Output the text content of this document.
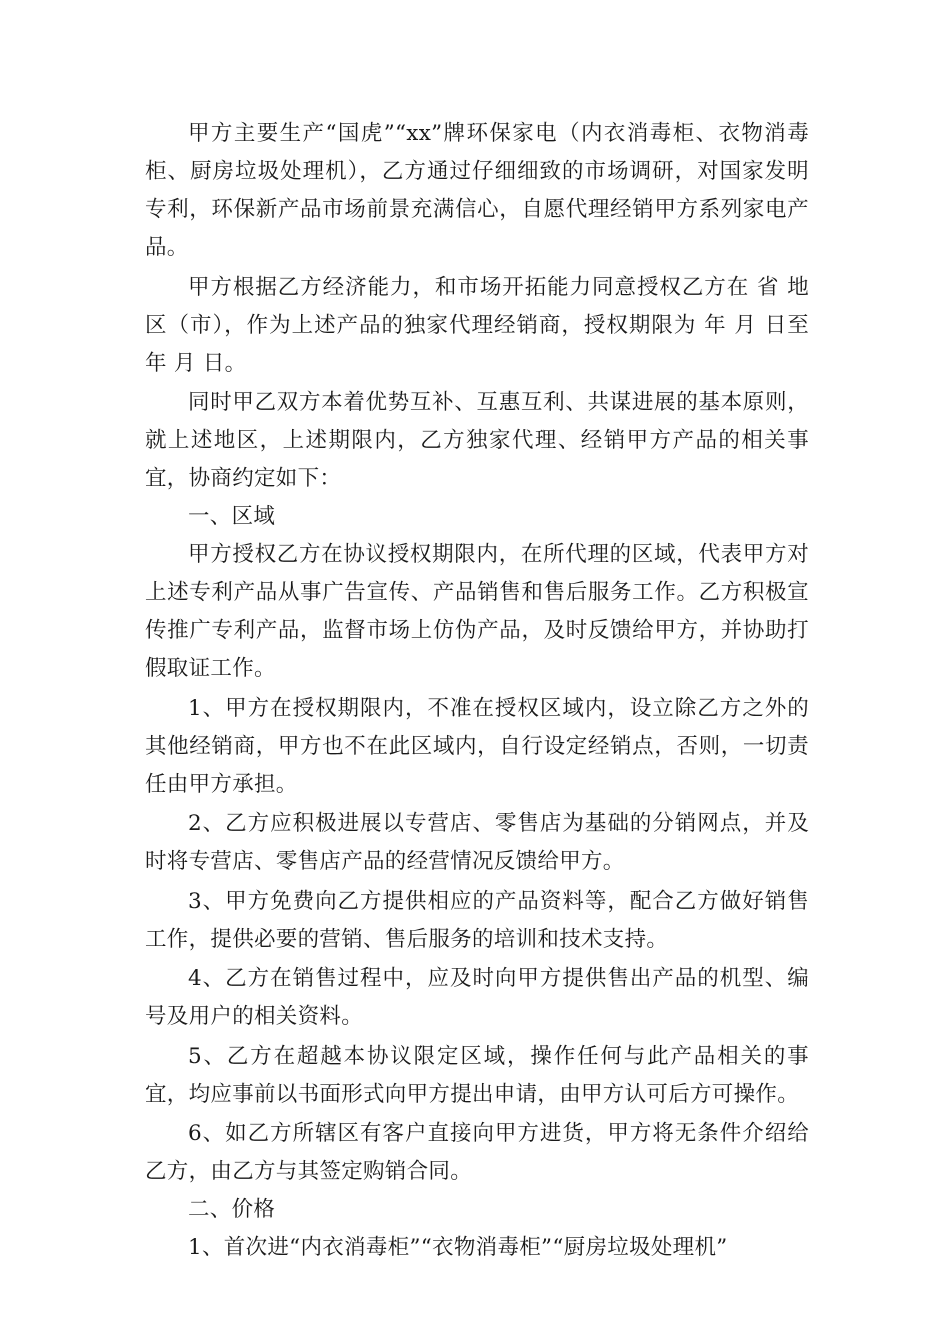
甲方主要生产“国虎”“xx”牌环保家电（内衣消毒柜、衣物消毒柜、厨房垃圾处理机），乙方通过仔细细致的市场调研，对国家发明专利，环保新产品市场前景充满信心，自愿代理经销甲方系列家电产品。

甲方根据乙方经济能力，和市场开拓能力同意授权乙方在 省 地区（市），作为上述产品的独家代理经销商，授权期限为 年 月 日至 年 月 日。

同时甲乙双方本着优势互补、互惠互利、共谋进展的基本原则，就上述地区，上述期限内，乙方独家代理、经销甲方产品的相关事宜，协商约定如下：

一、区域

甲方授权乙方在协议授权期限内，在所代理的区域，代表甲方对上述专利产品从事广告宣传、产品销售和售后服务工作。乙方积极宣传推广专利产品，监督市场上仿伪产品，及时反馈给甲方，并协助打假取证工作。

1、甲方在授权期限内，不准在授权区域内，设立除乙方之外的其他经销商，甲方也不在此区域内，自行设定经销点，否则，一切责任由甲方承担。

2、乙方应积极进展以专营店、零售店为基础的分销网点，并及时将专营店、零售店产品的经营情况反馈给甲方。

3、甲方免费向乙方提供相应的产品资料等，配合乙方做好销售工作，提供必要的营销、售后服务的培训和技术支持。

4、乙方在销售过程中，应及时向甲方提供售出产品的机型、编号及用户的相关资料。

5、乙方在超越本协议限定区域，操作任何与此产品相关的事宜，均应事前以书面形式向甲方提出申请，由甲方认可后方可操作。

6、如乙方所辖区有客户直接向甲方进货，甲方将无条件介绍给乙方，由乙方与其签定购销合同。

二、价格

1、首次进“内衣消毒柜”“衣物消毒柜”“厨房垃圾处理机”
